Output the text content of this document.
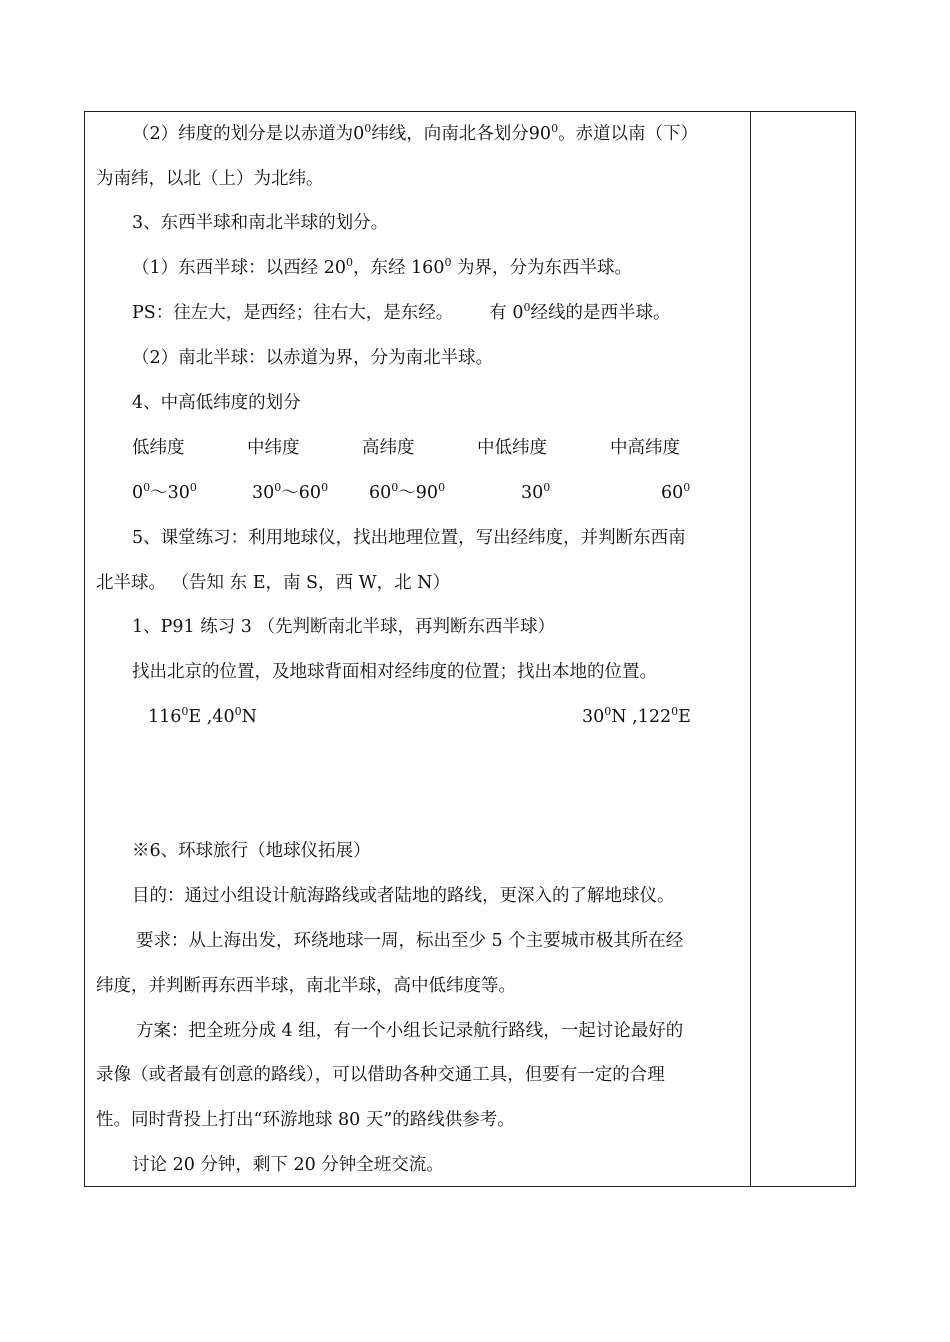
（2）纬度的划分是以赤道为$0^0$纬线，向南北各划分$90^0$。赤道以南（下）
为南纬，以北（上）为北纬。
3、东西半球和南北半球的划分。
（1）东西半球：以西经 $20^0$，东经 $160^0$ 为界，分为东西半球。
PS：往左大，是西经；往右大，是东经。 有 $0^0$经线的是西半球。
（2）南北半球：以赤道为界，分为南北半球。
4、中高低纬度的划分
低纬度	中纬度	高纬度	中低纬度	中高纬度
$0^0\sim 30^0$	$30^0\sim 60^0$ $60^0\sim 90^0$	$30^0$	$60^0$
5、课堂练习：利用地球仪，找出地理位置，写出经纬度，并判断东西南
北半球。 （告知 东 E，南 S，西 W，北 N）
1、P91 练习 3 （先判断南北半球，再判断东西半球）
找出北京的位置，及地球背面相对经纬度的位置；找出本地的位置。
$116^0E$ $,40^0N$	$30^0N$ ,122$^0$E
※6、环球旅行（地球仪拓展）
目的：通过小组设计航海路线或者陆地的路线，更深入的了解地球仪。
要求：从上海出发，环绕地球一周，标出至少 5 个主要城市极其所在经
纬度，并判断再东西半球，南北半球，高中低纬度等。
方案：把全班分成 4 组，有一个小组长记录航行路线，一起讨论最好的
录像（或者最有创意的路线），可以借助各种交通工具，但要有一定的合理
性。同时背投上打出“环游地球 80 天”的路线供参考。
讨论 20 分钟，剩下 20 分钟全班交流。
